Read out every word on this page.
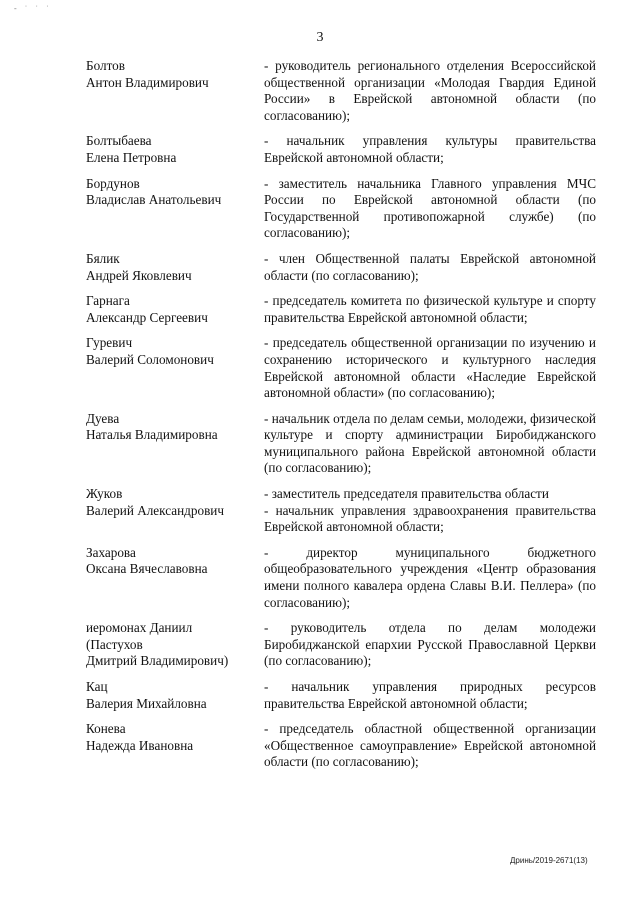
- ˙ ˙ ˙
3
Болтов
Антон Владимирович
- руководитель регионального отделения Всероссийской общественной организации «Молодая Гвардия Единой России» в Еврейской автономной области (по согласованию);
Болтыбаева
Елена Петровна
- начальник управления культуры правительства Еврейской автономной области;
Бордунов
Владислав Анатольевич
- заместитель начальника Главного управления МЧС России по Еврейской автономной области (по Государственной противопожарной службе) (по согласованию);
Бялик
Андрей Яковлевич
- член Общественной палаты Еврейской автономной области (по согласованию);
Гарнага
Александр Сергеевич
- председатель комитета по физической культуре и спорту правительства Еврейской автономной области;
Гуревич
Валерий Соломонович
- председатель общественной организации по изучению и сохранению исторического и культурного наследия Еврейской автономной области «Наследие Еврейской автономной области» (по согласованию);
Дуева
Наталья Владимировна
- начальник отдела по делам семьи, молодежи, физической культуре и спорту администрации Биробиджанского муниципального района Еврейской автономной области (по согласованию);
Жуков
Валерий Александрович
- заместитель председателя правительства области
- начальник управления здравоохранения правительства Еврейской автономной области;
Захарова
Оксана Вячеславовна
- директор муниципального бюджетного общеобразовательного учреждения «Центр образования имени полного кавалера ордена Славы В.И. Пеллера» (по согласованию);
иеромонах Даниил
(Пастухов
Дмитрий Владимирович)
- руководитель отдела по делам молодежи Биробиджанской епархии Русской Православной Церкви (по согласованию);
Кац
Валерия Михайловна
- начальник управления природных ресурсов правительства Еврейской автономной области;
Конева
Надежда Ивановна
- председатель областной общественной организации «Общественное самоуправление» Еврейской автономной области (по согласованию);
Дринь/2019-2671(13)
